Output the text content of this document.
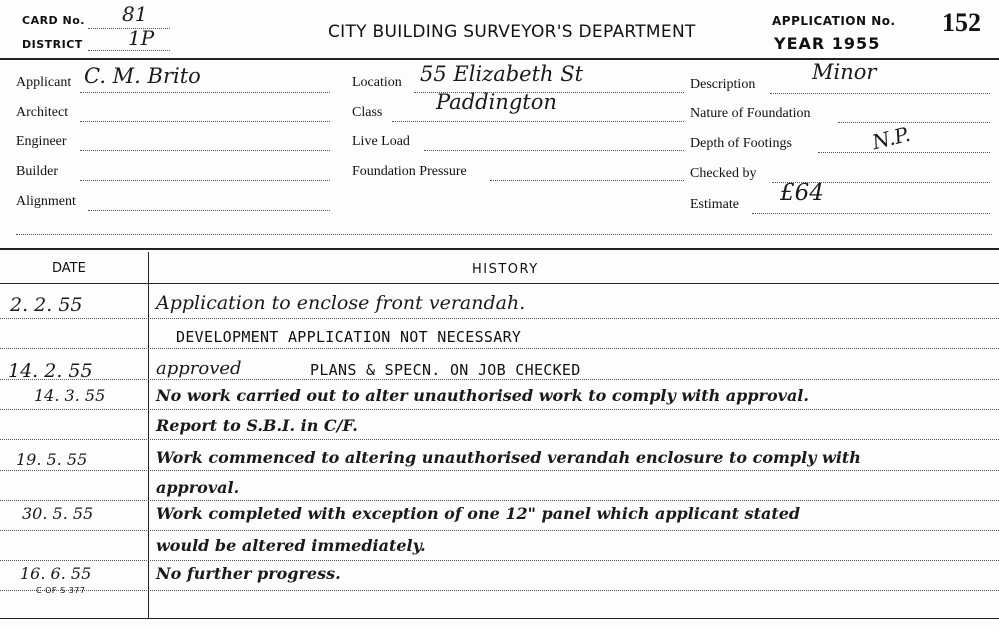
CARD No. 81
DISTRICT 1P	CITY BUILDING SURVEYOR'S DEPARTMENT
APPLICATION No. 152
YEAR 1955
Applicant C. M. Brito
Architect
Engineer
Builder
Alignment
Location 55 Elizabeth St
Class	Paddington
Live Load
Foundation Pressure
Description
Minor
Nature of Foundation
Depth of Footings	N.P.
Checked by
Estimate £64
DATE	HISTORY
2. 2. 55	Application to enclose front verandah.
DEVELOPMENT APPLICATION NOT NECESSARY
14. 2. 55	approved	PLANS & SPECN. ON JOB CHECKED
14. 3. 55	No work carried out to alter unauthorised work to comply with approval.
Report to S.B.I. in C/F.
19. 5. 55	Work commenced to altering unauthorised verandah enclosure to comply with
approval.
30. 5. 55	Work completed with exception of one 12" panel which applicant stated
would be altered immediately.
16. 6. 55	No further progress.
C OF S 377
